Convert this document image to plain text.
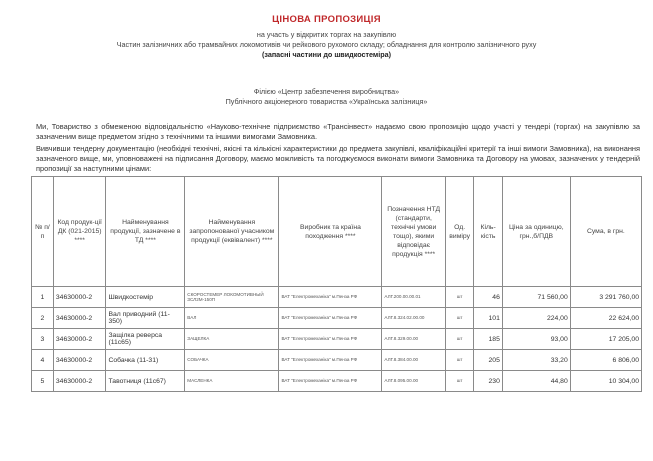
ЦІНОВА ПРОПОЗИЦІЯ
на участь у відкритих торгах на закупівлю
Частин залізничних або трамвайних локомотивів чи рейкового рухомого складу; обладнання для контролю залізничного руху
(запасні частини до швидкостеміра)
Філією «Центр забезпечення виробництва»
Публічного акціонерного товариства «Українська залізниця»
Ми, Товариство з обмеженою відповідальністю «Науково-технічне підприємство «Трансінвест» надаємо свою пропозицію щодо участі у тендері (торгах) на закупівлю за зазначеним вище предметом згідно з технічними та іншими вимогами Замовника.
Вивчивши тендерну документацію (необхідні технічні, якісні та кількісні характеристики до предмета закупівлі, кваліфікаційні критерії та інші вимоги Замовника), на виконання зазначеного вище, ми, уповноважені на підписання Договору, маємо можливість та погоджуємося виконати вимоги Замовника та Договору на умовах, зазначених у тендерній пропозиції за наступними цінами:
№ п/п	Код продук-ції ДК (021-2015) ****	Найменування продукції, зазначене в ТД ****	Найменування запропонованої учасником продукції (еквівалент) ****	Виробник та країна походження ****	Позначення НТД (стандарти, технічні умови тощо), якими відповідає продукція ****	Од. виміру	Кіль-кість	Ціна за одиницю, грн.,б/ПДВ	Сума, в грн.
1	34630000-2	Швидкостемір	СКОРОСТЕМЕР ЛОКОМОТИВНЫЙ ЗСЛ2М-150П	ВАТ "Електромеханіка" м.Пенза РФ	АЛГ.200.00.00.01	шт	46	71 560,00	3 291 760,00
2	34630000-2	Вал приводний (11-350)	ВАЛ	ВАТ "Електромеханіка" м.Пенза РФ	АЛГ.8.324.02.00.00	шт	101	224,00	22 624,00
3	34630000-2	Защілка реверса (11с65)	ЗАЩЕЛКА	ВАТ "Електромеханіка" м.Пенза РФ	АЛГ.8.329.00.00	шт	185	93,00	17 205,00
4	34630000-2	Собачка (11-31)	СОБАЧКА	ВАТ "Електромеханіка" м.Пенза РФ	АЛГ.8.384.00.00	шт	205	33,20	6 806,00
5	34630000-2	Тавотниця (11с67)	МАСЛЕНКА	ВАТ "Електромеханіка" м.Пенза РФ	АЛГ.8.095.00.00	шт	230	44,80	10 304,00
